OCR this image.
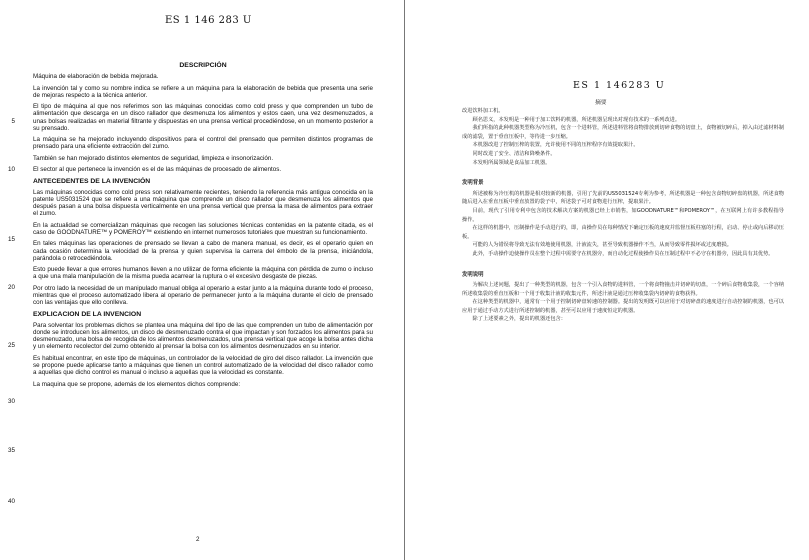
ES 1 146 283 U
5
10
15
20
25
30
35
40
DESCRIPCIÓN

Máquina de elaboración de bebida mejorada.

La invención tal y como su nombre indica se refiere a un máquina para la elaboración de bebida que presenta una serie de mejoras respecto a la técnica anterior.

El tipo de máquina al que nos referimos son las máquinas conocidas como cold press y que comprenden un tubo de alimentación que descarga en un disco rallador que desmenuza los alimentos y estos caen, una vez desmenuzados, a unas bolsas realizadas en material filtrante y dispuestas en una prensa vertical procediéndose, en un momento posterior a su prensado.

La máquina se ha mejorado incluyendo dispositivos para el control del prensado que permiten distintos programas de prensado para una eficiente extracción del zumo.

También se han mejorado distintos elementos de seguridad, limpieza e insonorización.

El sector al que pertenece la invención es el de las máquinas de procesado de alimentos.

ANTECEDENTES DE LA INVENCIÓN

Las máquinas conocidas como cold press son relativamente recientes, teniendo la referencia más antigua conocida en la patente US5031524 que se refiere a una máquina que comprende un disco rallador que desmenuza los alimentos que después pasan a una bolsa dispuesta verticalmente en una prensa vertical que prensa la masa de alimentos para extraer el zumo.

En la actualidad se comercializan máquinas que recogen las soluciones técnicas contenidas en la patente citada, es el caso de GOODNATURE™ y POMEROY™ existiendo en internet numerosos tutoriales que muestran su funcionamiento.

En tales máquinas las operaciones de prensado se llevan a cabo de manera manual, es decir, es el operario quien en cada ocasión determina la velocidad de la prensa y quien supervisa la carrera del émbolo de la prensa, iniciándola, parándola o retrocediéndola.

Esto puede llevar a que errores humanos lleven a no utilizar de forma eficiente la máquina con pérdida de zumo o incluso a que una mala manipulación de la misma pueda acarrear la ruptura o el excesivo desgaste de piezas.

Por otro lado la necesidad de un manipulado manual obliga al operario a estar junto a la máquina durante todo el proceso, mientras que el proceso automatizado libera al operario de permanecer junto a la máquina durante el ciclo de prensado con las ventajas que ello conlleva.

EXPLICACION DE LA INVENCION

Para solventar los problemas dichos se plantea una máquina del tipo de las que comprenden un tubo de alimentación por donde se introducen los alimentos, un disco de desmenuzado contra el que impactan y son forzados los alimentos para su desmenuzado, una bolsa de recogida de los alimentos desmenuzados, una prensa vertical que acoge la bolsa antes dicha y un elemento recolector del zumo obtenido al prensar la bolsa con los alimentos desmenuzados en su interior.

Es habitual encontrar, en este tipo de máquinas, un controlador de la velocidad de giro del disco rallador. La invención que se propone puede aplicarse tanto a máquinas que tienen un control automatizado de la velocidad del disco rallador como a aquellas que dicho control es manual o incluso a aquellas que la velocidad es constante.

La maquina que se propone, además de los elementos dichos comprende:

2
ES 1 146283 U
摘要

改进饮料加工机。

顾名思义，本发明是一种用于加工饮料的机器，所述机器呈现出对现有技术的一系列改进。

我们所指的此种机器类型称为冷压机，包含一个进料管，所述进料管将食物排放到切碎食物的切盘上，食物被切碎后，掉入由过滤材料制成的滤袋，置于垂直压板中，等待进一步压缩。

本机器改进了控制压榨的装置，允许使用不同的压榨程序有效提取果汁。

同时改进了安全、清洁和降噪条件。

本发明所属领域是食品加工机器。

发明背景

所述被称为冷压机的机器是相对较新的机器，引用了先前的US5031524专利为参考，所述机器是一种包含食物切碎盘的机器，所述食物随后进入在垂直压板中垂直放置的袋子中，所述袋子可对食物进行压榨，提取果汁。

目前，现代了引用专利中包含的技术解决方案的机器已经上市销售，如GOODNATURE™和POMEROY™，在互联网上有许多教程指导操作。

在这样的机器中，压制操作是手动进行的，即，由操作员在每种情况下确定压板的速度并监督压板柱塞的行程，启动、停止或向后移动压板。

可能的人为错误将导致无法有效地使用机器，汁液流失，甚至导致机器操作不当，从而导致零件损坏或过度磨损。

此外，手动操作迫使操作员在整个过程中需要守在机器旁，而自动化过程使操作员在压制过程中不必守在机器旁，因此具有其优势。

发明说明

为解决上述问题，提出了一种类型的机器，包含一个引入食物的进料管，一个将食物撞击并切碎的切盘，一个碎后食物收集袋，一个容纳所述收集袋的垂直压板和一个用于收集汁液的收集元件，所述汁液是通过压榨收集袋内切碎的食物获得。

在这种类型的机器中，通常有一个用于控制切碎盘转速的控制器。提出的发明既可以应用于对切碎盘的速度进行自动控制的机器，也可以应用于通过手动方式进行所述控制的机器，甚至可以应用于速度恒定的机器。

除了上述要素之外，提出的机器还包含：
